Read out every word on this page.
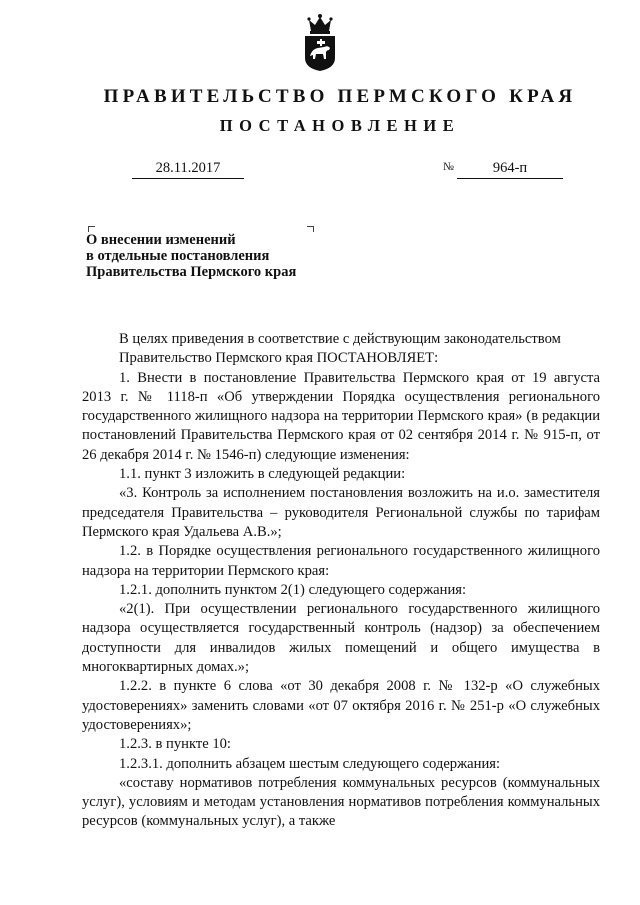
ПРАВИТЕЛЬСТВО ПЕРМСКОГО КРАЯ
ПОСТАНОВЛЕНИЕ
28.11.2017	№	964-п
О внесении изменений
в отдельные постановления
Правительства Пермского края

В целях приведения в соответствие с действующим законодательством

Правительство Пермского края ПОСТАНОВЛЯЕТ:

1. Внести в постановление Правительства Пермского края от 19 августа 2013 г. № 1118-п «Об утверждении Порядка осуществления регионального государственного жилищного надзора на территории Пермского края» (в редакции постановлений Правительства Пермского края от 02 сентября 2014 г. № 915-п, от 26 декабря 2014 г. № 1546-п) следующие изменения:

1.1. пункт 3 изложить в следующей редакции:

«3. Контроль за исполнением постановления возложить на и.о. заместителя председателя Правительства – руководителя Региональной службы по тарифам Пермского края Удальева А.В.»;

1.2. в Порядке осуществления регионального государственного жилищного надзора на территории Пермского края:

1.2.1. дополнить пунктом 2(1) следующего содержания:

«2(1). При осуществлении регионального государственного жилищного надзора осуществляется государственный контроль (надзор) за обеспечением доступности для инвалидов жилых помещений и общего имущества в многоквартирных домах.»;

1.2.2. в пункте 6 слова «от 30 декабря 2008 г. № 132-р «О служебных удостоверениях» заменить словами «от 07 октября 2016 г. № 251-р «О служебных удостоверениях»;

1.2.3. в пункте 10:

1.2.3.1. дополнить абзацем шестым следующего содержания:

«составу нормативов потребления коммунальных ресурсов (коммунальных услуг), условиям и методам установления нормативов потребления коммунальных ресурсов (коммунальных услуг), а также
